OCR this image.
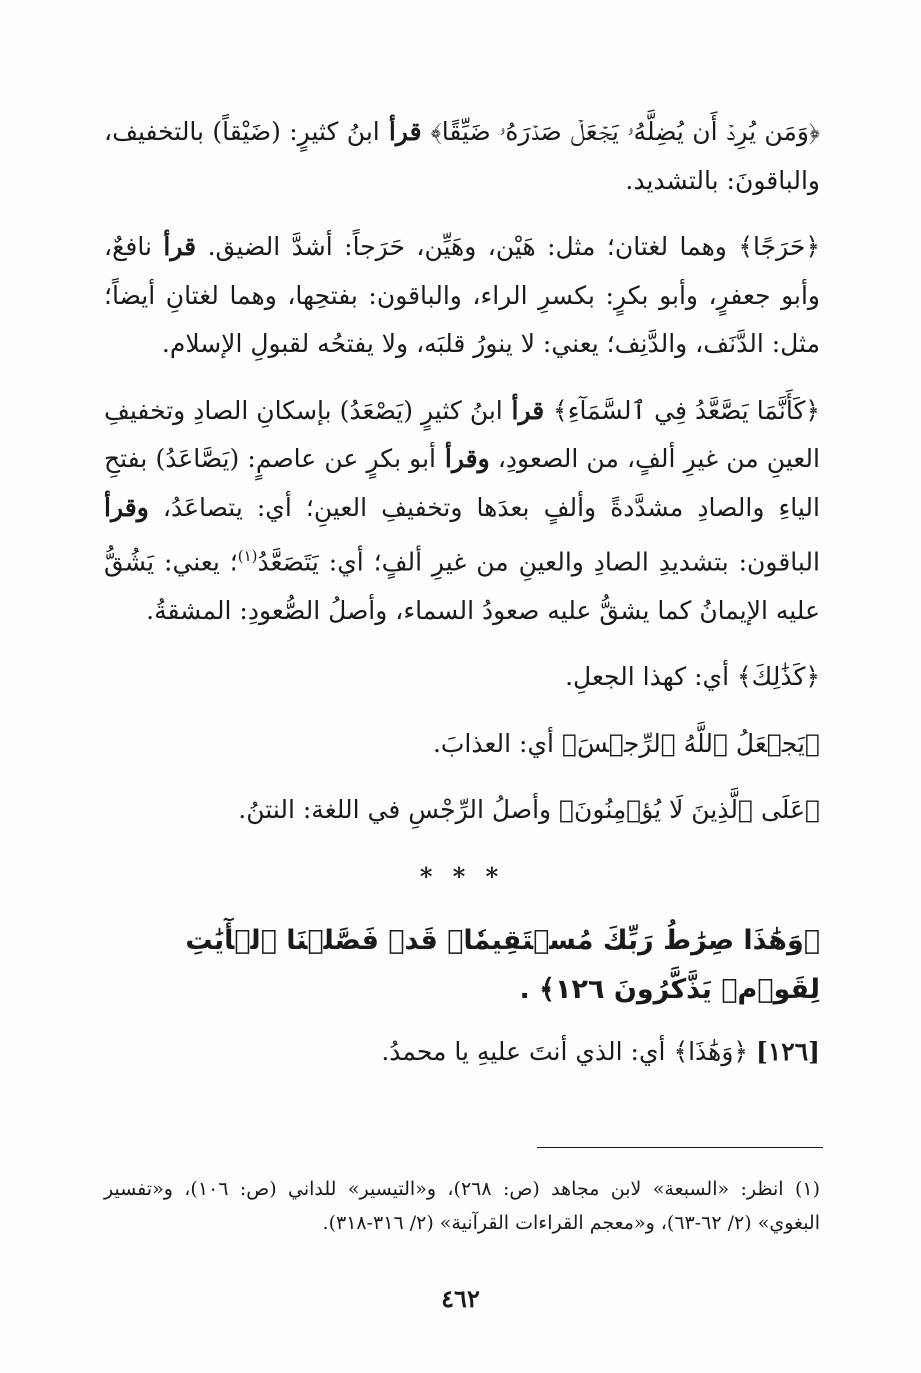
﴿وَمَن يُرِدۡ أَن يُضِلَّهُۥ يَجۡعَلۡ صَدۡرَهُۥ ضَيِّقًا﴾ قرأ ابنُ كثيرٍ: (ضَيْقاً) بالتخفيف، والباقونَ: بالتشديد.
﴿حَرَجًا﴾ وهما لغتان؛ مثل: هَيْن، وهَيِّن، حَرَجاً: أشدَّ الضيق. قرأ نافعٌ، وأبو جعفرٍ، وأبو بكرٍ: بكسرِ الراء، والباقون: بفتحِها، وهما لغتانِ أيضاً؛ مثل: الدَّنَف، والدَّنِف؛ يعني: لا ينورُ قلبَه، ولا يفتحُه لقبولِ الإسلام.
﴿كَأَنَّمَا يَصَّعَّدُ فِي ٱلسَّمَآءِ﴾ قرأ ابنُ كثيرٍ (يَصْعَدُ) بإسكانِ الصادِ وتخفيفِ العينِ من غيرِ ألفٍ، من الصعودِ، وقرأ أبو بكرٍ عن عاصمٍ: (يَصَّاعَدُ) بفتحِ الياءِ والصادِ مشدَّدةً وألفٍ بعدَها وتخفيفِ العينِ؛ أي: يتصاعَدُ، وقرأ الباقون: بتشديدِ الصادِ والعينِ من غيرِ ألفٍ؛ أي: يَتَصَعَّدُ$^{(١)}$؛ يعني: يَشُقُّ عليه الإيمانُ كما يشقُّ عليه صعودُ السماء، وأصلُ الصُّعودِ: المشقةُ.
﴿كَذَٰلِكَ﴾ أي: كهذا الجعلِ.
﴿يَجۡعَلُ ٱللَّهُ ٱلرِّجۡسَ﴾ أي: العذابَ.
﴿عَلَى ٱلَّذِينَ لَا يُؤۡمِنُونَ﴾ وأصلُ الرِّجْسِ في اللغة: النتنُ.
* * *
﴿وَهَٰذَا صِرَٰطُ رَبِّكَ مُسۡتَقِيمٗاۗ قَدۡ فَصَّلۡنَا ٱلۡأٓيَٰتِ لِقَوۡمٖ يَذَّكَّرُونَ ١٢٦﴾ .
[١٢٦] ﴿وَهَٰذَا﴾ أي: الذي أنتَ عليهِ يا محمدُ.
(١) انظر: «السبعة» لابن مجاهد (ص: ٢٦٨)، و«التيسير» للداني (ص: ١٠٦)، و«تفسير البغوي» (٢/ ٦٢-٦٣)، و«معجم القراءات القرآنية» (٢/ ٣١٦-٣١٨).
٤٦٢
